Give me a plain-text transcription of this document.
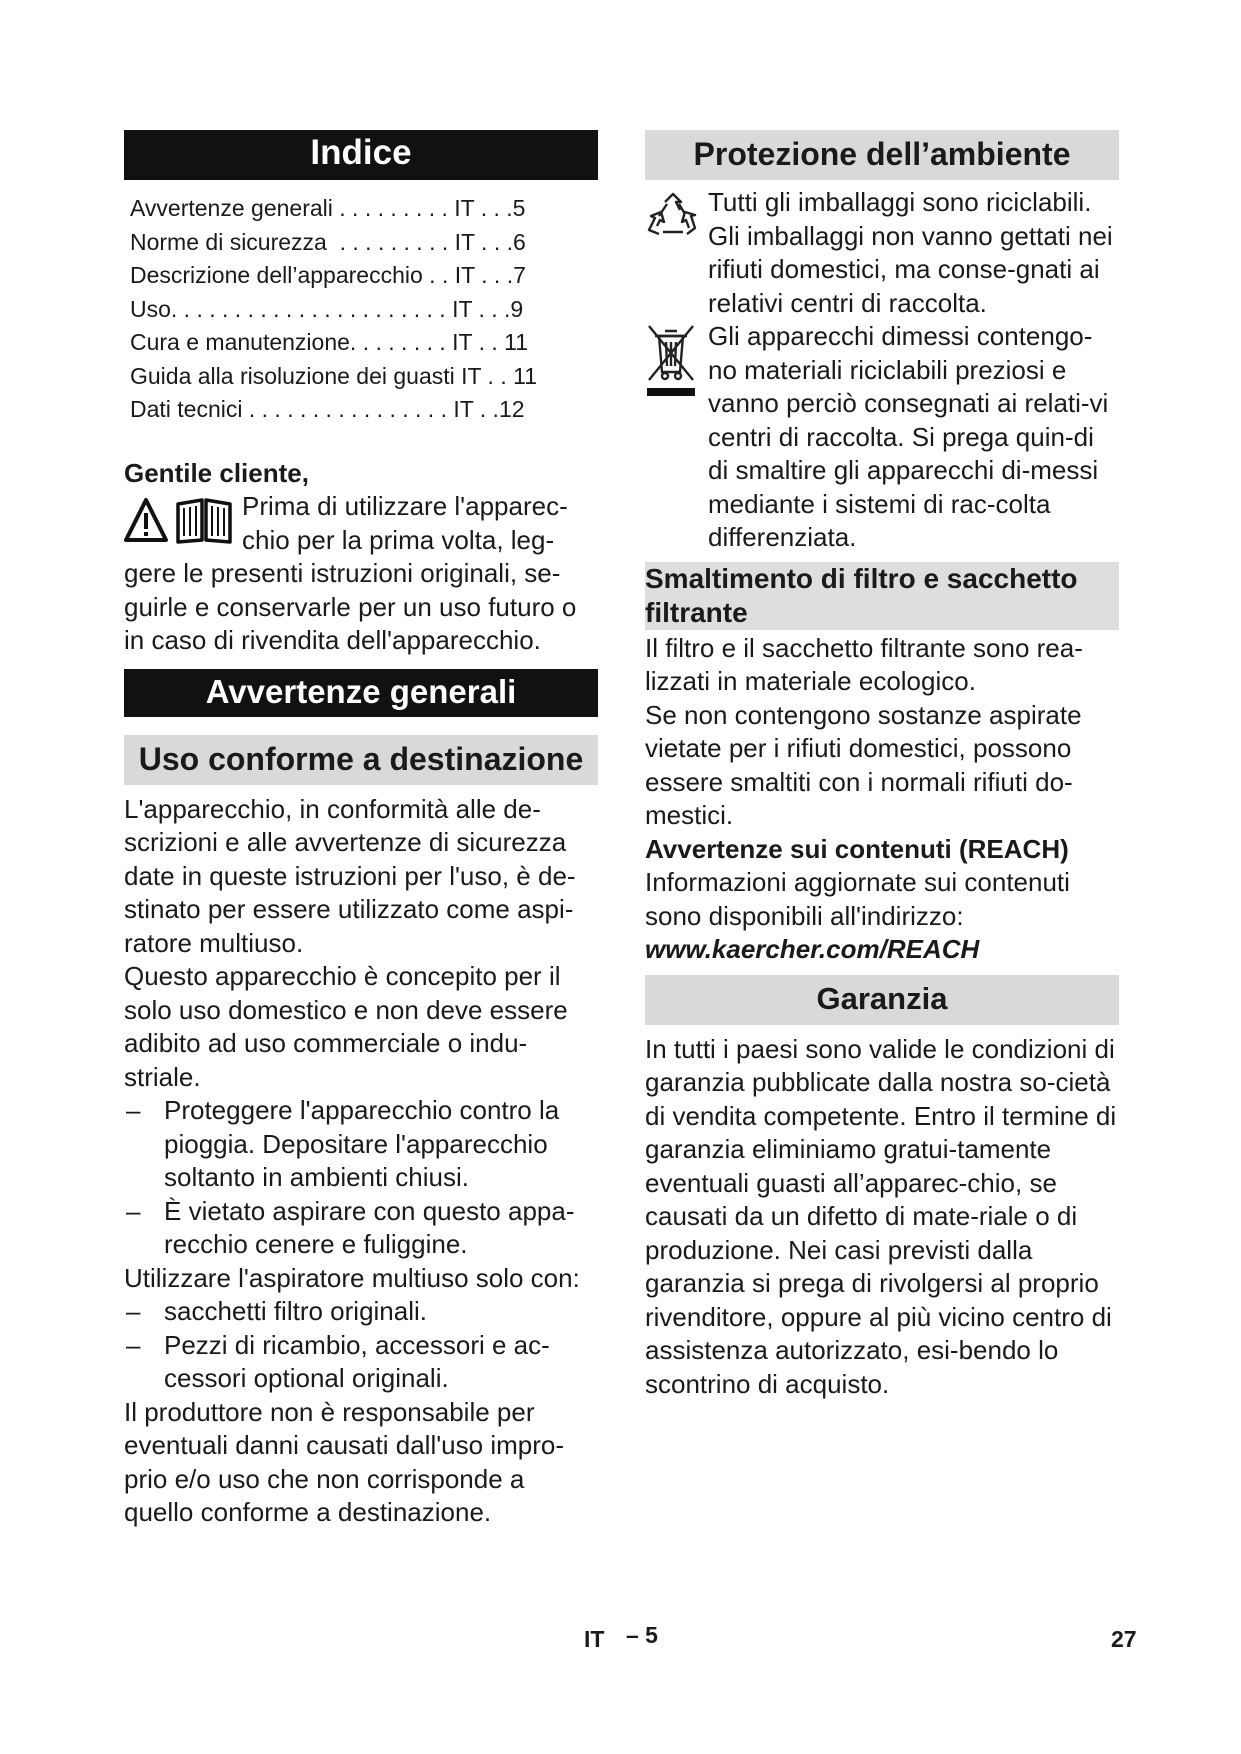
Indice
Avvertenze generali . . . . . . . . . IT . . .5
Norme di sicurezza  . . . . . . . . . IT . . .6
Descrizione dell’apparecchio . . IT . . .7
Uso. . . . . . . . . . . . . . . . . . . . . . IT . . .9
Cura e manutenzione. . . . . . . . IT . . 11
Guida alla risoluzione dei guasti IT . . 11
Dati tecnici . . . . . . . . . . . . . . . . IT . .12

Gentile cliente,

Prima di utilizzare l'apparec-

chio per la prima volta, leg-

gere le presenti istruzioni originali, se-guirle e conservarle per un uso futuro o in caso di rivendita dell'apparecchio.

Avvertenze generali
Uso conforme a destinazione

L'apparecchio, in conformità alle de-scrizioni e alle avvertenze di sicurezza date in queste istruzioni per l'uso, è de-stinato per essere utilizzato come aspi-ratore multiuso.

Questo apparecchio è concepito per il solo uso domestico e non deve essere adibito ad uso commerciale o indu-striale.

– Proteggere l'apparecchio contro la pioggia. Depositare l'apparecchio soltanto in ambienti chiusi.

– È vietato aspirare con questo appa-recchio cenere e fuliggine.

Utilizzare l'aspiratore multiuso solo con:

– sacchetti filtro originali.

– Pezzi di ricambio, accessori e ac-cessori optional originali.

Il produttore non è responsabile per eventuali danni causati dall'uso impro-prio e/o uso che non corrisponde a quello conforme a destinazione.

Protezione dell’ambiente

Tutti gli imballaggi sono riciclabili. Gli imballaggi non vanno gettati nei rifiuti domestici, ma conse-gnati ai relativi centri di raccolta.

Gli apparecchi dimessi contengo-no materiali riciclabili preziosi e vanno perciò consegnati ai relati-vi centri di raccolta. Si prega quin-di di smaltire gli apparecchi di-messi mediante i sistemi di rac-colta differenziata.

Smaltimento di filtro e sacchetto filtrante

Il filtro e il sacchetto filtrante sono rea-lizzati in materiale ecologico.

Se non contengono sostanze aspirate vietate per i rifiuti domestici, possono essere smaltiti con i normali rifiuti do-mestici.

Avvertenze sui contenuti (REACH)

Informazioni aggiornate sui contenuti sono disponibili all'indirizzo:

www.kaercher.com/REACH

Garanzia

In tutti i paesi sono valide le condizioni di garanzia pubblicate dalla nostra so-cietà di vendita competente. Entro il termine di garanzia eliminiamo gratui-tamente eventuali guasti all’apparec-chio, se causati da un difetto di mate-riale o di produzione. Nei casi previsti dalla garanzia si prega di rivolgersi al proprio rivenditore, oppure al più vicino centro di assistenza autorizzato, esi-bendo lo scontrino di acquisto.

IT – 5	27
